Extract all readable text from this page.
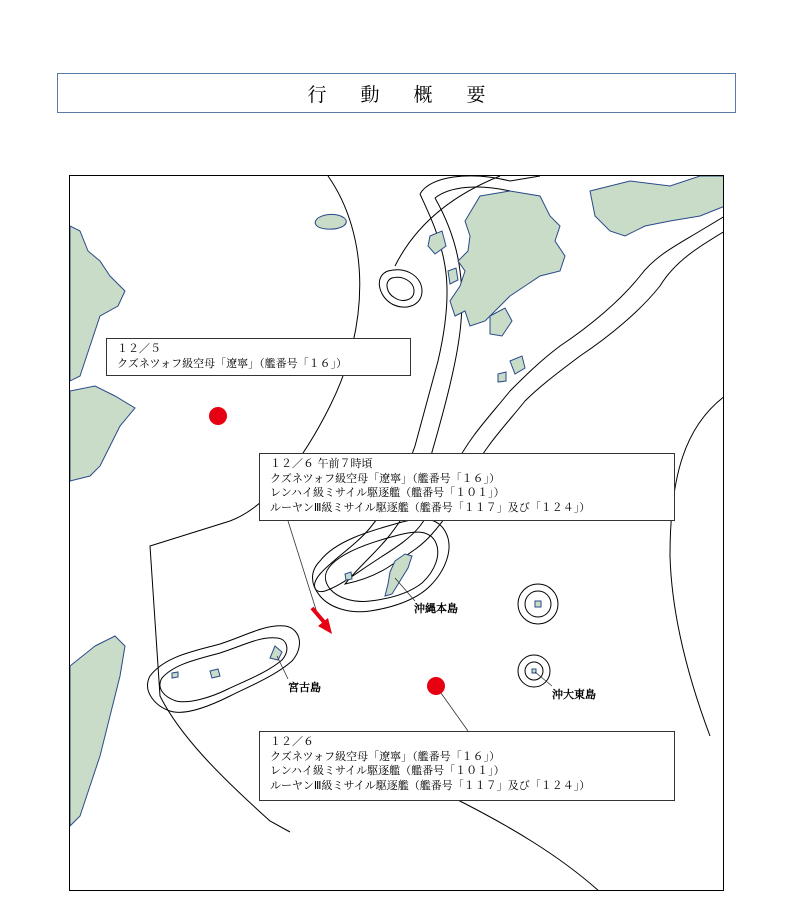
行 動 概 要
１２／５
クズネツォフ級空母「遼寧」（艦番号「１６」）
１２／６ 午前７時頃
クズネツォフ級空母「遼寧」（艦番号「１６」）
レンハイ級ミサイル駆逐艦（艦番号「１０１」）
ルーヤンⅢ級ミサイル駆逐艦（艦番号「１１７」及び「１２４」）
１２／６
クズネツォフ級空母「遼寧」（艦番号「１６」）
レンハイ級ミサイル駆逐艦（艦番号「１０１」）
ルーヤンⅢ級ミサイル駆逐艦（艦番号「１１７」及び「１２４」）
沖縄本島
宮古島
沖大東島
